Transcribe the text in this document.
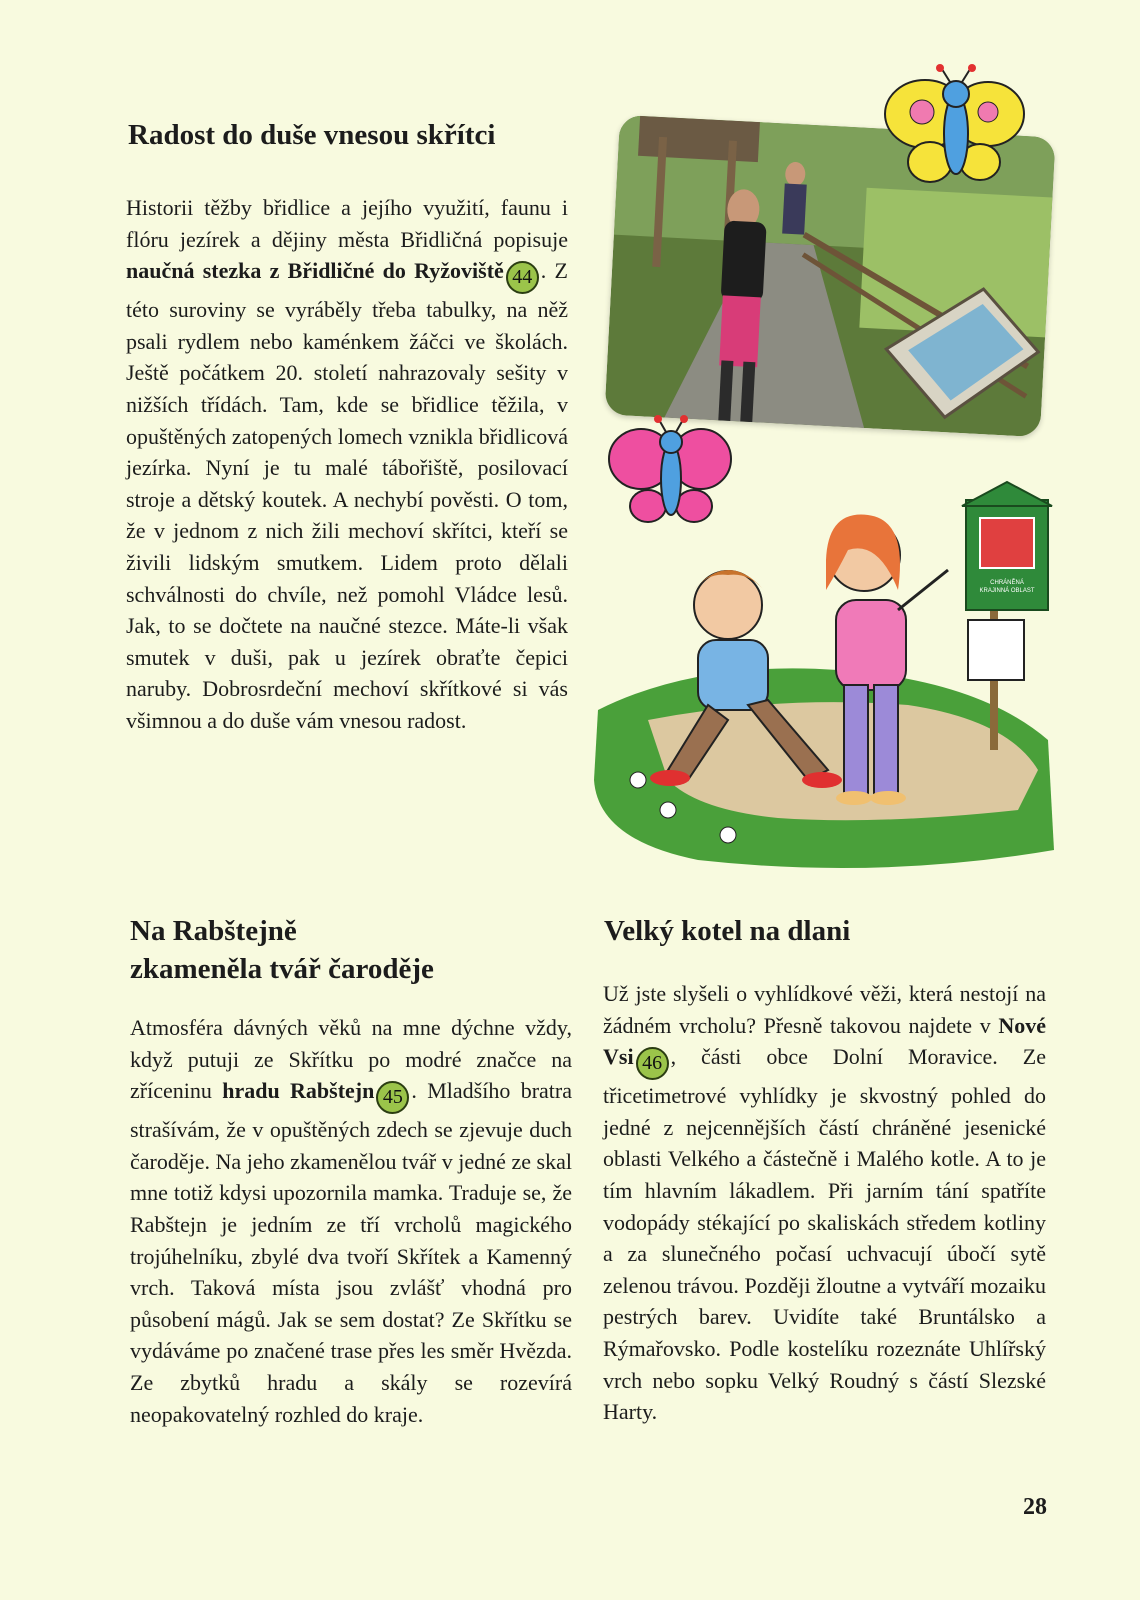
Radost do duše vnesou skřítci

Historii těžby břidlice a jejího využití, faunu i flóru jezírek a dějiny města Břidličná popisuje naučná stezka z Břidličné do Ryžoviště 44 . Z této suroviny se vyráběly třeba tabulky, na něž psali rydlem nebo kaménkem žáčci ve školách. Ještě počátkem 20. století nahrazovaly sešity v nižších třídách. Tam, kde se břidlice těžila, v opuštěných zatopených lomech vznikla břidlicová jezírka. Nyní je tu malé tábořiště, posilovací stroje a dětský koutek. A nechybí pověsti. O tom, že v jednom z nich žili mechoví skřítci, kteří se živili lidským smutkem. Lidem proto dělali schválnosti do chvíle, než pomohl Vládce lesů. Jak, to se dočtete na naučné stezce. Máte-li však smutek v duši, pak u jezírek obraťte čepici naruby. Dobrosrdeční mechoví skřítkové si vás všimnou a do duše vám vnesou radost.

Na Rabštejně
zkamenělа tvář čaroděje

Atmosféra dávných věků na mne dýchne vždy, když putuji ze Skřítku po modré značce na zříceninu hradu Rabštejn 45 . Mladšího bratra strašívám, že v opuštěných zdech se zjevuje duch čaroděje. Na jeho zkamenělou tvář v jedné ze skal mne totiž kdysi upozornila mamka. Traduje se, že Rabštejn je jedním ze tří vrcholů magického trojúhelníku, zbylé dva tvoří Skřítek a Kamenný vrch. Taková místa jsou zvlášť vhodná pro působení mágů. Jak se sem dostat? Ze Skřítku se vydáváme po značené trase přes les směr Hvězda. Ze zbytků hradu a skály se rozevírá neopakovatelný rozhled do kraje.

Velký kotel na dlani

Už jste slyšeli o vyhlídkové věži, která nestojí na žádném vrcholu? Přesně takovou najdete v Nové Vsi 46 , části obce Dolní Moravice. Ze třicetimetrové vyhlídky je skvostný pohled do jedné z nejcennějších částí chráněné jesenické oblasti Velkého a částečně i Malého kotle. A to je tím hlavním lákadlem. Při jarním tání spatříte vodopády stékající po skaliskách středem kotliny a za slunečného počasí uchvacují úbočí sytě zelenou trávou. Později žloutne a vytváří mozaiku pestrých barev. Uvidíte také Bruntálsko a Rýmařovsko. Podle kostelíku rozeznáte Uhlířský vrch nebo sopku Velký Roudný s částí Slezské Harty.

CHRÁNĚNÁ
KRAJINNÁ OBLAST
28
